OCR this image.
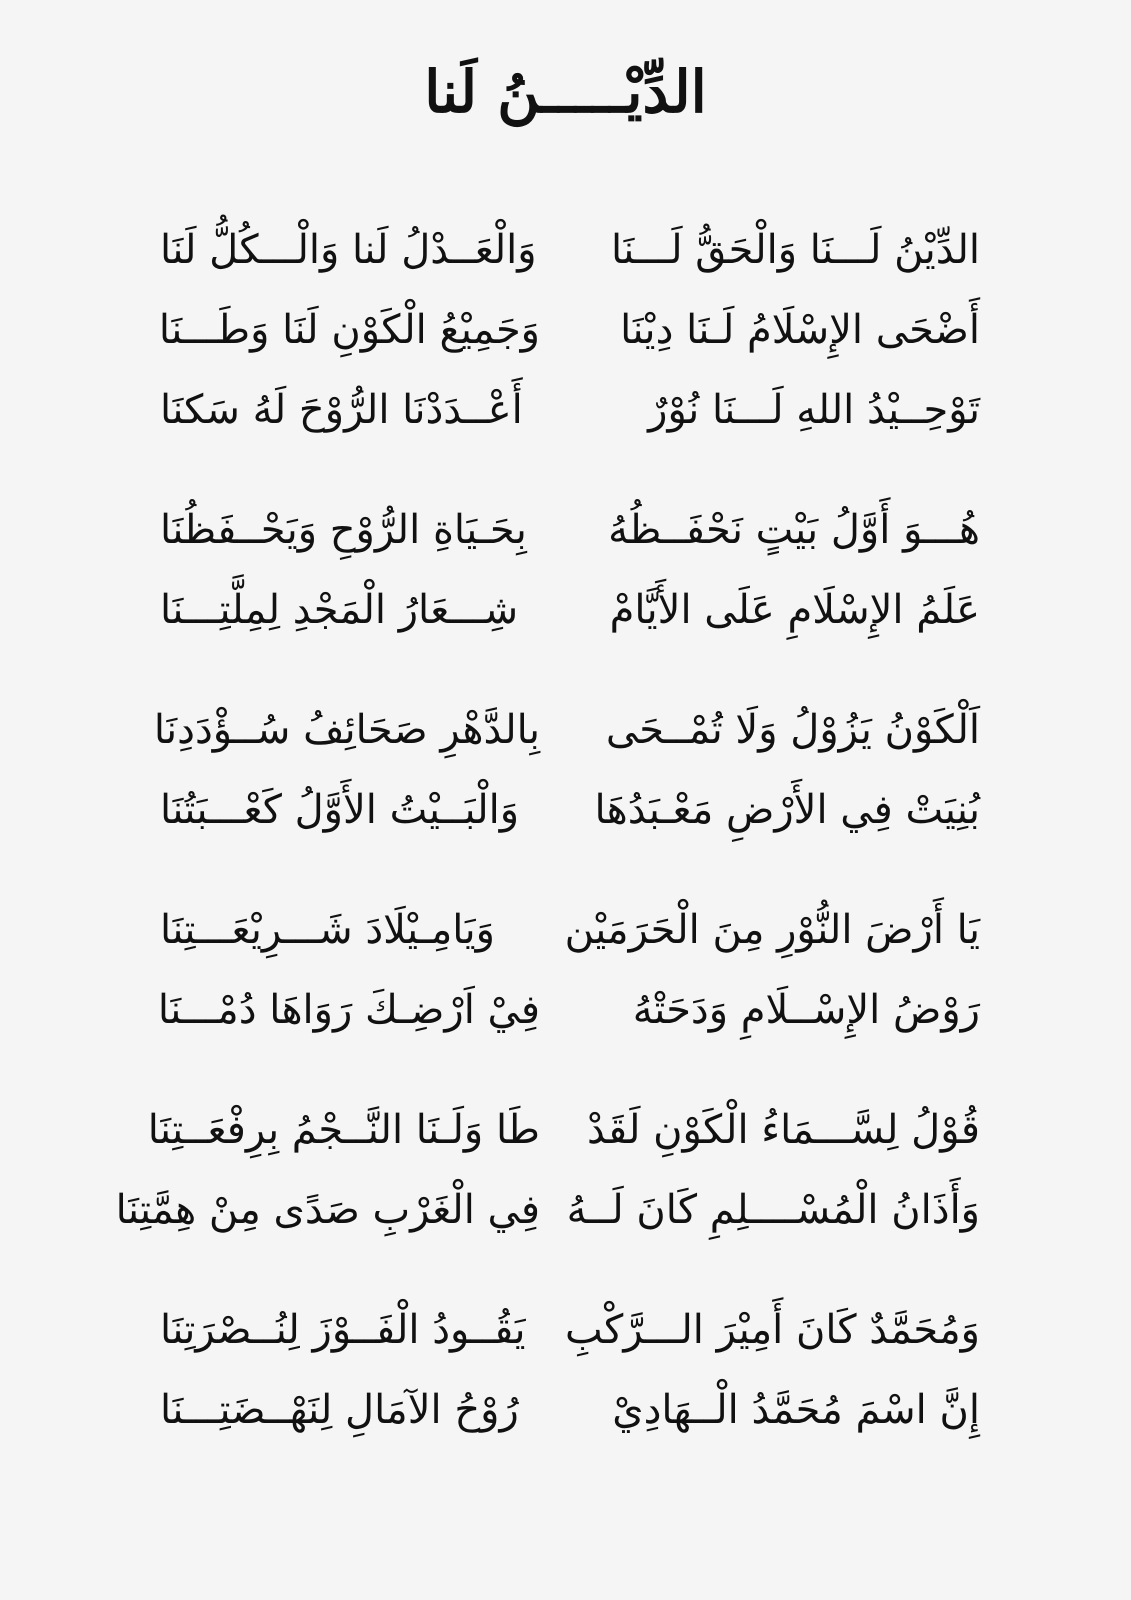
الدِّيْـــــنُ لَنا
الدِّيْنُ لَـــنَا وَالْحَقُّ لَـــنَا
وَالْعَــدْلُ لَنا وَالْـــكُلُّ لَنَا
أَضْحَى الإِسْلَامُ لَـنَا دِيْنَا
وَجَمِيْعُ الْكَوْنِ لَنَا وَطَـــنَا
تَوْحِــيْدُ اللهِ لَـــنَا نُوْرٌ
أَعْــدَدْنَا الرُّوْحَ لَهُ سَكنَا
هُـــوَ أَوَّلُ بَيْتٍ نَحْفَــظُهُ
بِحَـيَاةِ الرُّوْحِ وَيَحْــفَظُنَا
عَلَمُ الإِسْلَامِ عَلَى الأَيَّامْ
شِـــعَارُ الْمَجْدِ لِمِلَّتِـــنَا
اَلْكَوْنُ يَزُوْلُ وَلَا تُمْــحَى
بِالدَّهْرِ صَحَائِفُ سُــؤْدَدِنَا
بُنِيَتْ فِي الأَرْضِ مَعْـبَدُهَا
وَالْبَــيْتُ الأَوَّلُ كَعْـــبَتُنَا
يَا أَرْضَ النُّوْرِ مِنَ الْحَرَمَيْن
وَيَامِـيْلَادَ شَـــرِيْعَـــتِنَا
رَوْضُ الإِسْــلَامِ وَدَحَتْهُ
فِيْ اَرْضِـكَ رَوَاهَا دُمْـــنَا
قُوْلُ لِسَّـــمَاءُ الْكَوْنِ لَقَدْ
طَا وَلَـنَا النَّــجْمُ بِرِفْعَــتِنَا
وَأَذَانُ الْمُسْــــلِمِ كَانَ لَــهُ
فِي الْغَرْبِ صَدًى مِنْ هِمَّتِنَا
وَمُحَمَّدٌ كَانَ أَمِيْرَ الـــرَّكْبِ
يَقُــودُ الْفَــوْزَ لِنُــصْرَتِنَا
إِنَّ اسْمَ مُحَمَّدُ الْــهَادِيْ
رُوْحُ الآمَالِ لِنَهْــضَتِـــنَا
